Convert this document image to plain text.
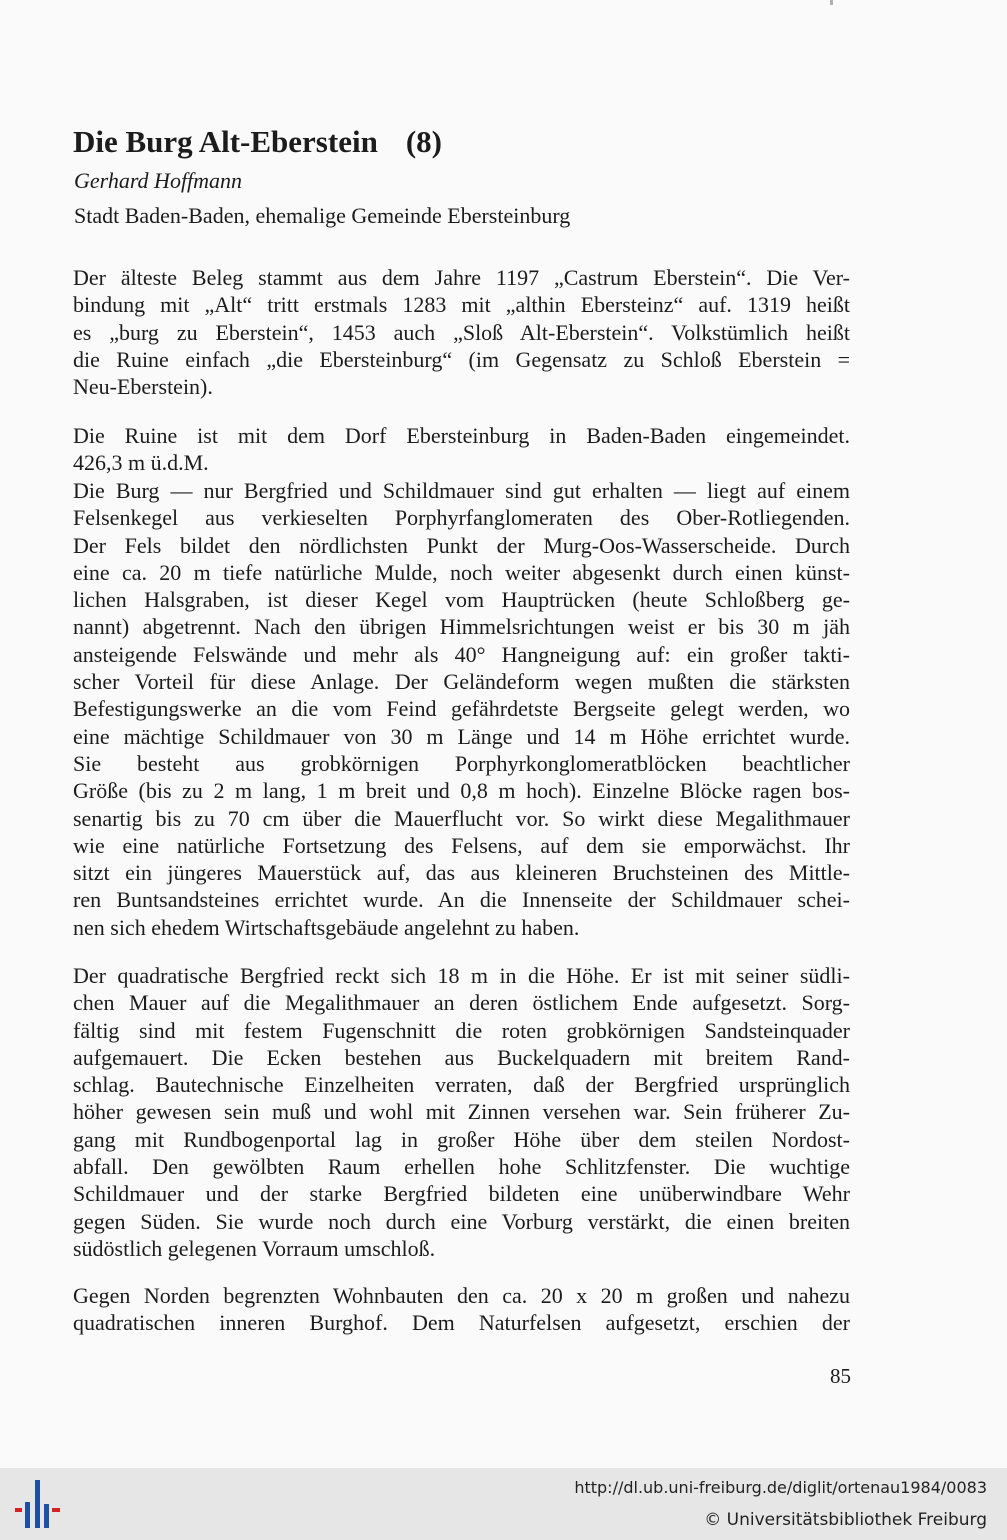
Die Burg Alt-Eberstein (8)
Gerhard Hoffmann
Stadt Baden-Baden, ehemalige Gemeinde Ebersteinburg
Der älteste Beleg stammt aus dem Jahre 1197 „Castrum Eberstein“. Die Ver-
bindung mit „Alt“ tritt erstmals 1283 mit „althin Ebersteinz“ auf. 1319 heißt
es „burg zu Eberstein“, 1453 auch „Sloß Alt-Eberstein“. Volkstümlich heißt
die Ruine einfach „die Ebersteinburg“ (im Gegensatz zu Schloß Eberstein =
Neu-Eberstein).
Die Ruine ist mit dem Dorf Ebersteinburg in Baden-Baden eingemeindet.
426,3 m ü.d.M.
Die Burg — nur Bergfried und Schildmauer sind gut erhalten — liegt auf einem
Felsenkegel aus verkieselten Porphyrfanglomeraten des Ober-Rotliegenden.
Der Fels bildet den nördlichsten Punkt der Murg-Oos-Wasserscheide. Durch
eine ca. 20 m tiefe natürliche Mulde, noch weiter abgesenkt durch einen künst-
lichen Halsgraben, ist dieser Kegel vom Hauptrücken (heute Schloßberg ge-
nannt) abgetrennt. Nach den übrigen Himmelsrichtungen weist er bis 30 m jäh
ansteigende Felswände und mehr als 40° Hangneigung auf: ein großer takti-
scher Vorteil für diese Anlage. Der Geländeform wegen mußten die stärksten
Befestigungswerke an die vom Feind gefährdetste Bergseite gelegt werden, wo
eine mächtige Schildmauer von 30 m Länge und 14 m Höhe errichtet wurde.
Sie besteht aus grobkörnigen Porphyrkonglomeratblöcken beachtlicher
Größe (bis zu 2 m lang, 1 m breit und 0,8 m hoch). Einzelne Blöcke ragen bos-
senartig bis zu 70 cm über die Mauerflucht vor. So wirkt diese Megalithmauer
wie eine natürliche Fortsetzung des Felsens, auf dem sie emporwächst. Ihr
sitzt ein jüngeres Mauerstück auf, das aus kleineren Bruchsteinen des Mittle-
ren Buntsandsteines errichtet wurde. An die Innenseite der Schildmauer schei-
nen sich ehedem Wirtschaftsgebäude angelehnt zu haben.
Der quadratische Bergfried reckt sich 18 m in die Höhe. Er ist mit seiner südli-
chen Mauer auf die Megalithmauer an deren östlichem Ende aufgesetzt. Sorg-
fältig sind mit festem Fugenschnitt die roten grobkörnigen Sandsteinquader
aufgemauert. Die Ecken bestehen aus Buckelquadern mit breitem Rand-
schlag. Bautechnische Einzelheiten verraten, daß der Bergfried ursprünglich
höher gewesen sein muß und wohl mit Zinnen versehen war. Sein früherer Zu-
gang mit Rundbogenportal lag in großer Höhe über dem steilen Nordost-
abfall. Den gewölbten Raum erhellen hohe Schlitzfenster. Die wuchtige
Schildmauer und der starke Bergfried bildeten eine unüberwindbare Wehr
gegen Süden. Sie wurde noch durch eine Vorburg verstärkt, die einen breiten
südöstlich gelegenen Vorraum umschloß.
Gegen Norden begrenzten Wohnbauten den ca. 20 x 20 m großen und nahezu
quadratischen inneren Burghof. Dem Naturfelsen aufgesetzt, erschien der
85
http://dl.ub.uni-freiburg.de/diglit/ortenau1984/0083
© Universitätsbibliothek Freiburg
